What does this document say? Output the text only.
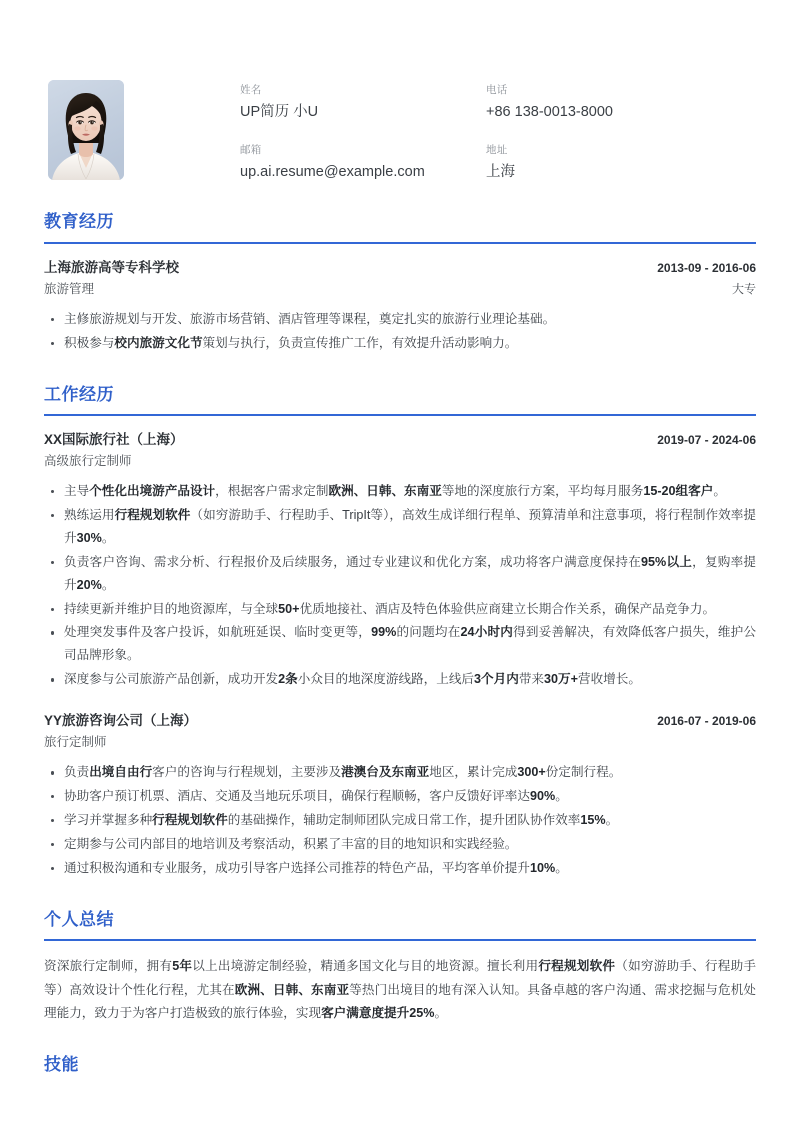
姓名
UP简历 小U
电话
+86 138-0013-8000
邮箱
up.ai.resume@example.com
地址
上海
教育经历
上海旅游高等专科学校	2013-09 - 2016-06
旅游管理	大专
主修旅游规划与开发、旅游市场营销、酒店管理等课程，奠定扎实的旅游行业理论基础。
积极参与校内旅游文化节策划与执行，负责宣传推广工作，有效提升活动影响力。
工作经历
XX国际旅行社（上海）	2019-07 - 2024-06
高级旅行定制师
主导个性化出境游产品设计，根据客户需求定制欧洲、日韩、东南亚等地的深度旅行方案，平均每月服务15-20组客户。
熟练运用行程规划软件（如穷游助手、行程助手、TripIt等），高效生成详细行程单、预算清单和注意事项，将行程制作效率提升30%。
负责客户咨询、需求分析、行程报价及后续服务，通过专业建议和优化方案，成功将客户满意度保持在95%以上，复购率提升20%。
持续更新并维护目的地资源库，与全球50+优质地接社、酒店及特色体验供应商建立长期合作关系，确保产品竞争力。
处理突发事件及客户投诉，如航班延误、临时变更等，99%的问题均在24小时内得到妥善解决，有效降低客户损失，维护公司品牌形象。
深度参与公司旅游产品创新，成功开发2条小众目的地深度游线路，上线后3个月内带来30万+营收增长。
YY旅游咨询公司（上海）	2016-07 - 2019-06
旅行定制师
负责出境自由行客户的咨询与行程规划，主要涉及港澳台及东南亚地区，累计完成300+份定制行程。
协助客户预订机票、酒店、交通及当地玩乐项目，确保行程顺畅，客户反馈好评率达90%。
学习并掌握多种行程规划软件的基础操作，辅助定制师团队完成日常工作，提升团队协作效率15%。
定期参与公司内部目的地培训及考察活动，积累了丰富的目的地知识和实践经验。
通过积极沟通和专业服务，成功引导客户选择公司推荐的特色产品，平均客单价提升10%。
个人总结

资深旅行定制师，拥有5年以上出境游定制经验，精通多国文化与目的地资源。擅长利用行程规划软件（如穷游助手、行程助手等）高效设计个性化行程，尤其在欧洲、日韩、东南亚等热门出境目的地有深入认知。具备卓越的客户沟通、需求挖掘与危机处理能力，致力于为客户打造极致的旅行体验，实现客户满意度提升25%。

技能
